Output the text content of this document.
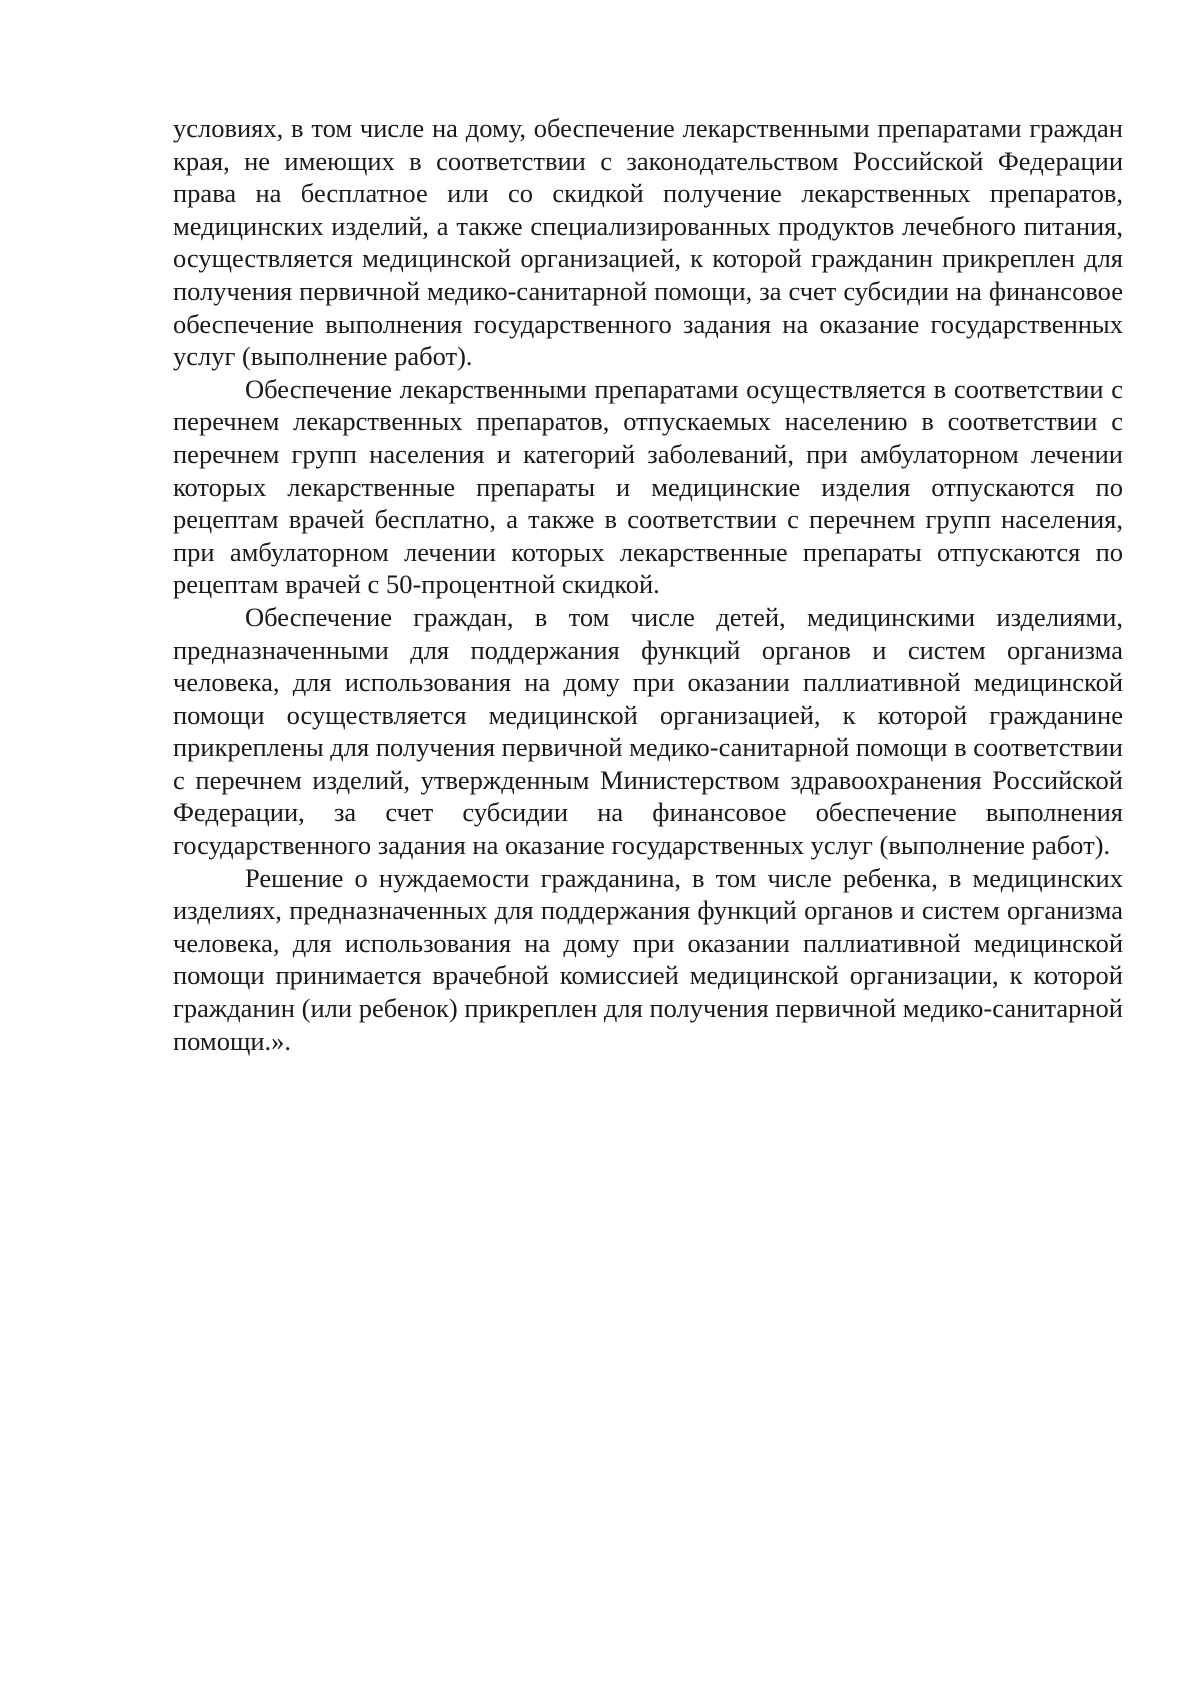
условиях, в том числе на дому, обеспечение лекарственными препаратами граждан края, не имеющих в соответствии с законодательством Российской Федерации права на бесплатное или со скидкой получение лекарственных препаратов, медицинских изделий, а также специализированных продуктов лечебного питания, осуществляется медицинской организацией, к которой гражданин прикреплен для получения первичной медико-санитарной помощи, за счет субсидии на финансовое обеспечение выполнения государственного задания на оказание государственных услуг (выполнение работ).

Обеспечение лекарственными препаратами осуществляется в соответствии с перечнем лекарственных препаратов, отпускаемых населению в соответствии с перечнем групп населения и категорий заболеваний, при амбулаторном лечении которых лекарственные препараты и медицинские изделия отпускаются по рецептам врачей бесплатно, а также в соответствии с перечнем групп населения, при амбулаторном лечении которых лекарственные препараты отпускаются по рецептам врачей с 50-процентной скидкой.

Обеспечение граждан, в том числе детей, медицинскими изделиями, предназначенными для поддержания функций органов и систем организма человека, для использования на дому при оказании паллиативной медицинской помощи осуществляется медицинской организацией, к которой гражданине прикреплены для получения первичной медико-санитарной помощи в соответствии с перечнем изделий, утвержденным Министерством здравоохранения Российской Федерации, за счет субсидии на финансовое обеспечение выполнения государственного задания на оказание государственных услуг (выполнение работ).

Решение о нуждаемости гражданина, в том числе ребенка, в медицинских изделиях, предназначенных для поддержания функций органов и систем организма человека, для использования на дому при оказании паллиативной медицинской помощи принимается врачебной комиссией медицинской организации, к которой гражданин (или ребенок) прикреплен для получения первичной медико-санитарной помощи.».
